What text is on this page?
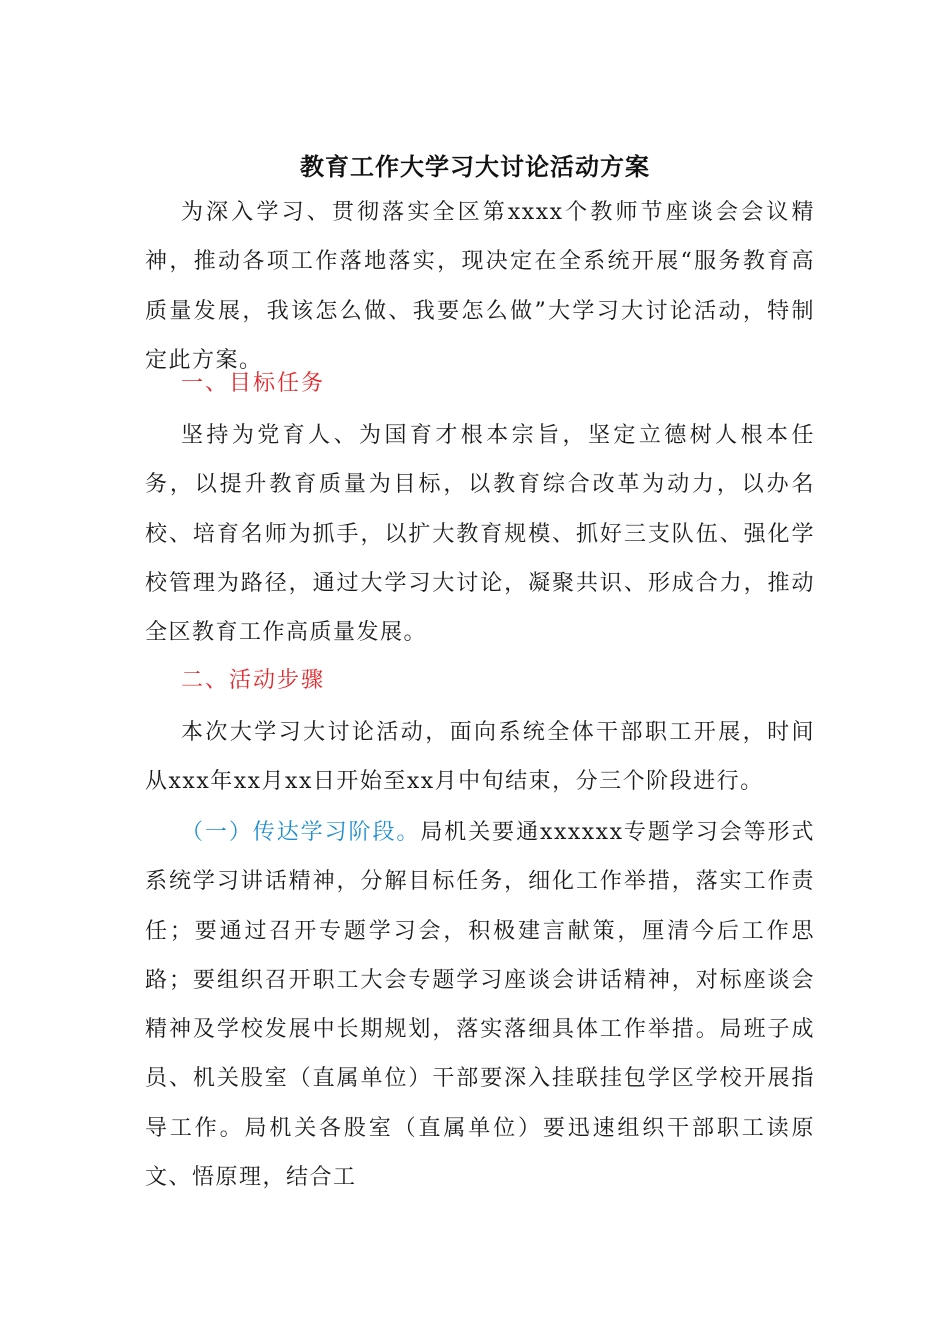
教育工作大学习大讨论活动方案

为深入学习、贯彻落实全区第xxxx个教师节座谈会会议精神，推动各项工作落地落实，现决定在全系统开展“服务教育高质量发展，我该怎么做、我要怎么做”大学习大讨论活动，特制定此方案。

一、目标任务

坚持为党育人、为国育才根本宗旨，坚定立德树人根本任务，以提升教育质量为目标，以教育综合改革为动力，以办名校、培育名师为抓手，以扩大教育规模、抓好三支队伍、强化学校管理为路径，通过大学习大讨论，凝聚共识、形成合力，推动全区教育工作高质量发展。

二、活动步骤

本次大学习大讨论活动，面向系统全体干部职工开展，时间从xxx年xx月xx日开始至xx月中旬结束，分三个阶段进行。

（一）传达学习阶段。局机关要通xxxxxx专题学习会等形式系统学习讲话精神，分解目标任务，细化工作举措，落实工作责任；要通过召开专题学习会，积极建言献策，厘清今后工作思路；要组织召开职工大会专题学习座谈会讲话精神，对标座谈会精神及学校发展中长期规划，落实落细具体工作举措。局班子成员、机关股室（直属单位）干部要深入挂联挂包学区学校开展指导工作。局机关各股室（直属单位）要迅速组织干部职工读原文、悟原理，结合工
